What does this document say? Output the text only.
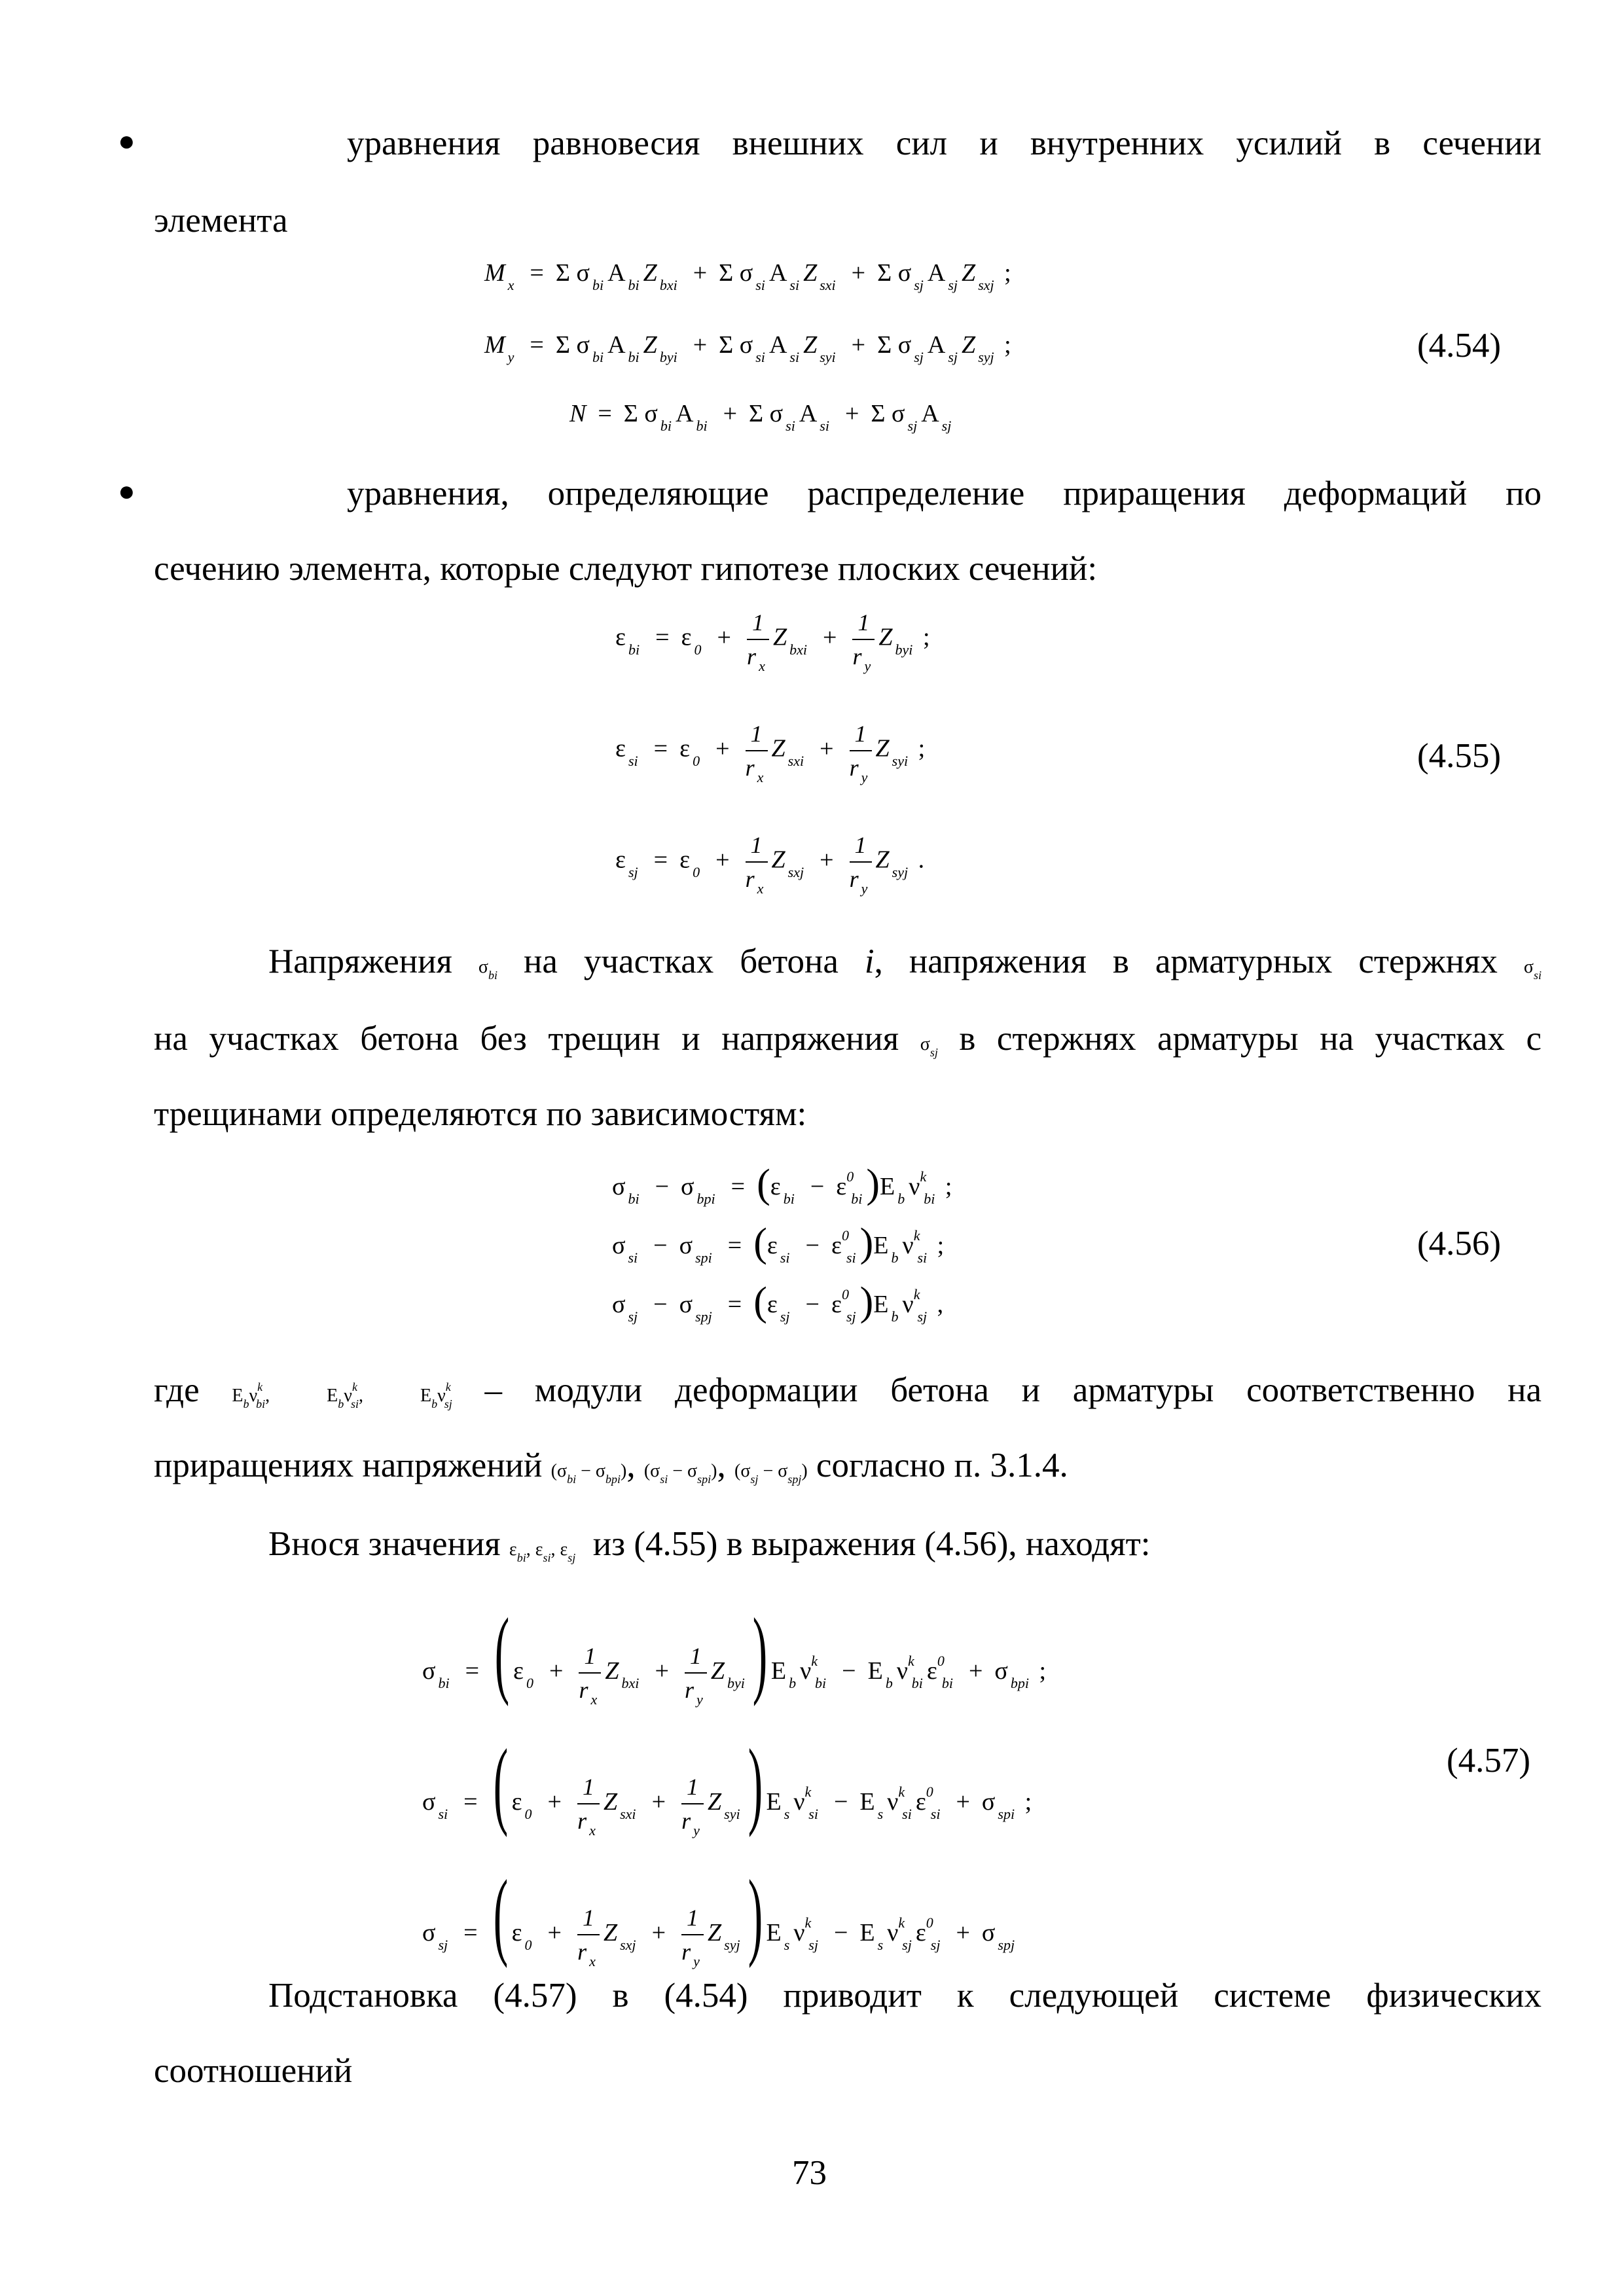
●	уравнения равновесия внешних сил и внутренних усилий в сечении
элемента
M $_x$ = Σ σ $_{bi}$ A $_{bi}$ Z $_{bxi}$ + Σ σ $_{si}$ A $_{si}$ Z $_{sxi}$ + Σ σ $_{sj}$ A $_{sj}$ Z $_{sxj}$ ;
M $_y$ = Σ σ $_{bi}$ A $_{bi}$ Z $_{byi}$ + Σ σ $_{si}$ A $_{si}$ Z $_{syi}$ + Σ σ $_{sj}$ A $_{sj}$ Z $_{syj}$ ;
N = Σ σ $_{bi}$ A $_{bi}$ + Σ σ $_{si}$ A $_{si}$ + Σ σ $_{sj}$ A $_{sj}$
(4.54)
●	уравнения, определяющие распределение приращения деформаций по
сечению элемента, которые следуют гипотезе плоских сечений:
ε $_{bi}$ = ε $_0 + \frac{1}{r _x}$ Z $_{bxi} + \frac{1}{r _y}$ Z $_{byi}$ ;
ε $_{si}$ = ε $_0 + \frac{1}{r _x}$ Z $_{sxi} + \frac{1}{r _y}$ Z $_{syi}$ ;
ε $_{sj}$ = ε $_0 + \frac{1}{r _x}$ Z $_{sxj} + \frac{1}{r _y}$ Z $_{syj}$ .
(4.55)
Напряжения $\sigma_{bi}$ на участках бетона i, напряжения в арматурных стержнях $\sigma_{si}$
на участках бетона без трещин и напряжения $\sigma_{sj}$ в стержнях арматуры на участках с
трещинами определяются по зависимостям:
σ $_{bi}$ − σ $_{bpi}$ = (ε $_{bi} - \varepsilon^0_{bi})E$ $_b$ $\nu^k_{bi}$ ;
σ $_{si}$ − σ $_{spi}$ = (ε $_{si} - \varepsilon^0_{si})E$ $_b$ $\nu^k_{si}$ ;
σ $_{sj}$ − σ $_{spj}$ = (ε $_{sj} - \varepsilon^0_{sj})E$ $_b$ $\nu^k_{sj}$ ,
(4.56)
где $E_b\nu^k_{bi}$,  $E_b\nu^k_{si}$,  $E_b\nu^k_{sj}$ – модули деформации бетона и арматуры соответственно на
приращениях напряжений $(\sigma_{bi} - \sigma_{bpi})$, $(\sigma_{si} - \sigma_{spi})$, $(\sigma_{sj} - \sigma_{spj})$ согласно п. 3.1.4.
Внося значения $\varepsilon_{bi}$, $\varepsilon_{si}$, $\varepsilon_{sj}$ из (4.55) в выражения (4.56), находят:
σ $_{bi}$ = ( ε $_0 + \frac{1}{r _x}$ Z $_{bxi} + \frac{1}{r _y}$ Z $_{byi}$) E $_b$ $\nu^k_{bi} - E$ $_b$ $\nu^k_{bi}$ $\varepsilon^0_{bi} + \sigma$ $_{bpi}$ ;
σ $_{si}$ = ( ε $_0 + \frac{1}{r _x}$ Z $_{sxi} + \frac{1}{r _y}$ Z $_{syi}$) E $_s$ $\nu^k_{si} - E$ $_s$ $\nu^k_{si}$ $\varepsilon^0_{si} + \sigma$ $_{spi}$ ;
σ $_{sj}$ = ( ε $_0 + \frac{1}{r _x}$ Z $_{sxj} + \frac{1}{r _y}$ Z $_{syj}$) E $_s$ $\nu^k_{sj} - E$ $_s$ $\nu^k_{sj}$ $\varepsilon^0_{sj} + \sigma$ $_{spj}$
(4.57)
Подстановка (4.57) в (4.54) приводит к следующей системе физических
соотношений
73
